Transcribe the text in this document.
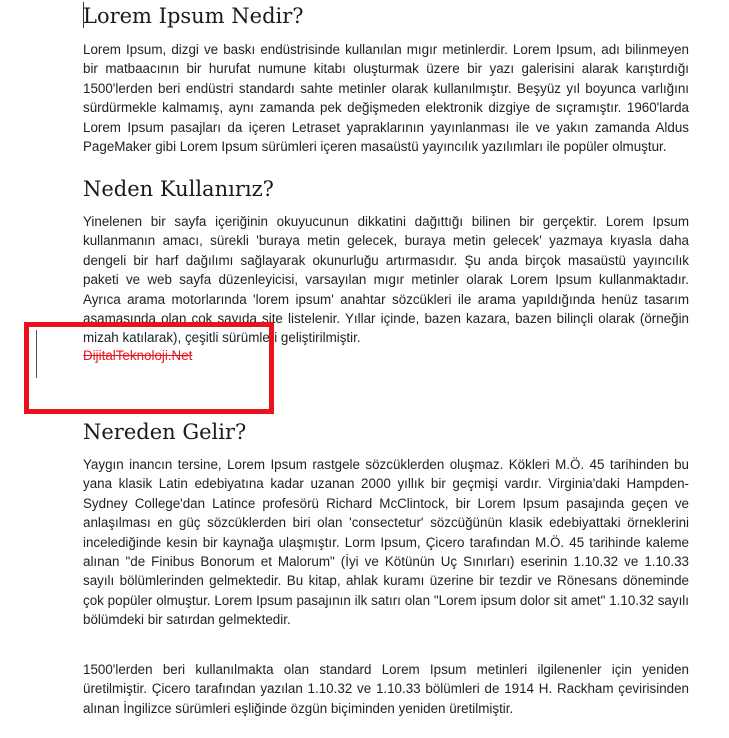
Lorem Ipsum Nedir?

Lorem Ipsum, dizgi ve baskı endüstrisinde kullanılan mıgır metinlerdir. Lorem Ipsum, adı bilinmeyen bir matbaacının bir hurufat numune kitabı oluşturmak üzere bir yazı galerisini alarak karıştırdığı 1500'lerden beri endüstri standardı sahte metinler olarak kullanılmıştır. Beşyüz yıl boyunca varlığını sürdürmekle kalmamış, aynı zamanda pek değişmeden elektronik dizgiye de sıçramıştır. 1960'larda Lorem Ipsum pasajları da içeren Letraset yapraklarının yayınlanması ile ve yakın zamanda Aldus PageMaker gibi Lorem Ipsum sürümleri içeren masaüstü yayıncılık yazılımları ile popüler olmuştur.

Neden Kullanırız?

Yinelenen bir sayfa içeriğinin okuyucunun dikkatini dağıttığı bilinen bir gerçektir. Lorem Ipsum kullanmanın amacı, sürekli 'buraya metin gelecek, buraya metin gelecek' yazmaya kıyasla daha dengeli bir harf dağılımı sağlayarak okunurluğu artırmasıdır. Şu anda birçok masaüstü yayıncılık paketi ve web sayfa düzenleyicisi, varsayılan mıgır metinler olarak Lorem Ipsum kullanmaktadır. Ayrıca arama motorlarında 'lorem ipsum' anahtar sözcükleri ile arama yapıldığında henüz tasarım aşamasında olan çok sayıda site listelenir. Yıllar içinde, bazen kazara, bazen bilinçli olarak (örneğin mizah katılarak), çeşitli sürümleri geliştirilmiştir.

DijitalTeknoloji.Net
Nereden Gelir?

Yaygın inancın tersine, Lorem Ipsum rastgele sözcüklerden oluşmaz. Kökleri M.Ö. 45 tarihinden bu yana klasik Latin edebiyatına kadar uzanan 2000 yıllık bir geçmişi vardır. Virginia'daki Hampden-Sydney College'dan Latince profesörü Richard McClintock, bir Lorem Ipsum pasajında geçen ve anlaşılması en güç sözcüklerden biri olan 'consectetur' sözcüğünün klasik edebiyattaki örneklerini incelediğinde kesin bir kaynağa ulaşmıştır. Lorm Ipsum, Çicero tarafından M.Ö. 45 tarihinde kaleme alınan "de Finibus Bonorum et Malorum" (İyi ve Kötünün Uç Sınırları) eserinin 1.10.32 ve 1.10.33 sayılı bölümlerinden gelmektedir. Bu kitap, ahlak kuramı üzerine bir tezdir ve Rönesans döneminde çok popüler olmuştur. Lorem Ipsum pasajının ilk satırı olan "Lorem ipsum dolor sit amet" 1.10.32 sayılı bölümdeki bir satırdan gelmektedir.

1500'lerden beri kullanılmakta olan standard Lorem Ipsum metinleri ilgilenenler için yeniden üretilmiştir. Çicero tarafından yazılan 1.10.32 ve 1.10.33 bölümleri de 1914 H. Rackham çevirisinden alınan İngilizce sürümleri eşliğinde özgün biçiminden yeniden üretilmiştir.
